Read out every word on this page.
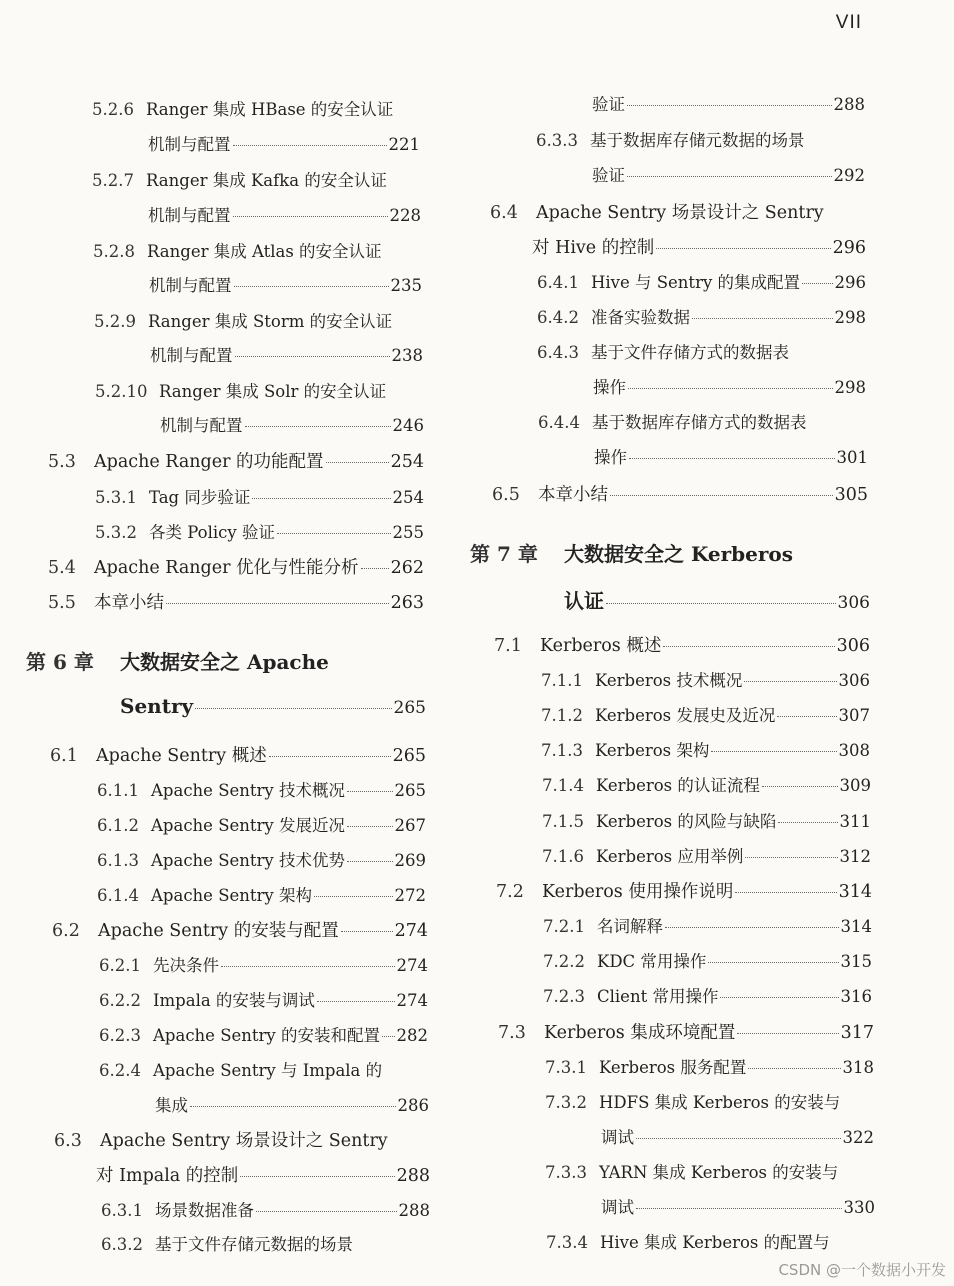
VII
5.2.6 Ranger 集成 HBase 的安全认证
机制与配置	221
5.2.7 Ranger 集成 Kafka 的安全认证
机制与配置	228
5.2.8 Ranger 集成 Atlas 的安全认证
机制与配置	235
5.2.9 Ranger 集成 Storm 的安全认证
机制与配置	238
5.2.10 Ranger 集成 Solr 的安全认证
机制与配置	246
5.3	Apache Ranger 的功能配置	254
5.3.1 Tag 同步验证	254
5.3.2 各类 Policy 验证	255
5.4	Apache Ranger 优化与性能分析 262
5.5	本章小结	263
第 6 章	大数据安全之 Apache
Sentry	265
6.1	Apache Sentry 概述	265
6.1.1 Apache Sentry 技术概况	265
6.1.2 Apache Sentry 发展近况	267
6.1.3 Apache Sentry 技术优势	269
6.1.4 Apache Sentry 架构	272
6.2	Apache Sentry 的安装与配置	274
6.2.1 先决条件	274
6.2.2 Impala 的安装与调试	274
6.2.3 Apache Sentry 的安装和配置 282
6.2.4 Apache Sentry 与 Impala 的
集成	286
6.3	Apache Sentry 场景设计之 Sentry
对 Impala 的控制	288
6.3.1 场景数据准备	288
6.3.2 基于文件存储元数据的场景
验证	288
6.3.3 基于数据库存储元数据的场景
验证	292
6.4	Apache Sentry 场景设计之 Sentry
对 Hive 的控制	296
6.4.1 Hive 与 Sentry 的集成配置 296
6.4.2 准备实验数据	298
6.4.3 基于文件存储方式的数据表
操作	298
6.4.4 基于数据库存储方式的数据表
操作	301
6.5	本章小结	305
第 7 章	大数据安全之 Kerberos
认证	306
7.1	Kerberos 概述	306
7.1.1 Kerberos 技术概况	306
7.1.2 Kerberos 发展史及近况	307
7.1.3 Kerberos 架构	308
7.1.4 Kerberos 的认证流程	309
7.1.5 Kerberos 的风险与缺陷	311
7.1.6 Kerberos 应用举例	312
7.2	Kerberos 使用操作说明	314
7.2.1 名词解释	314
7.2.2 KDC 常用操作	315
7.2.3 Client 常用操作	316
7.3	Kerberos 集成环境配置	317
7.3.1 Kerberos 服务配置	318
7.3.2 HDFS 集成 Kerberos 的安装与
调试	322
7.3.3 YARN 集成 Kerberos 的安装与
调试	330
7.3.4 Hive 集成 Kerberos 的配置与
CSDN @一个数据小开发
